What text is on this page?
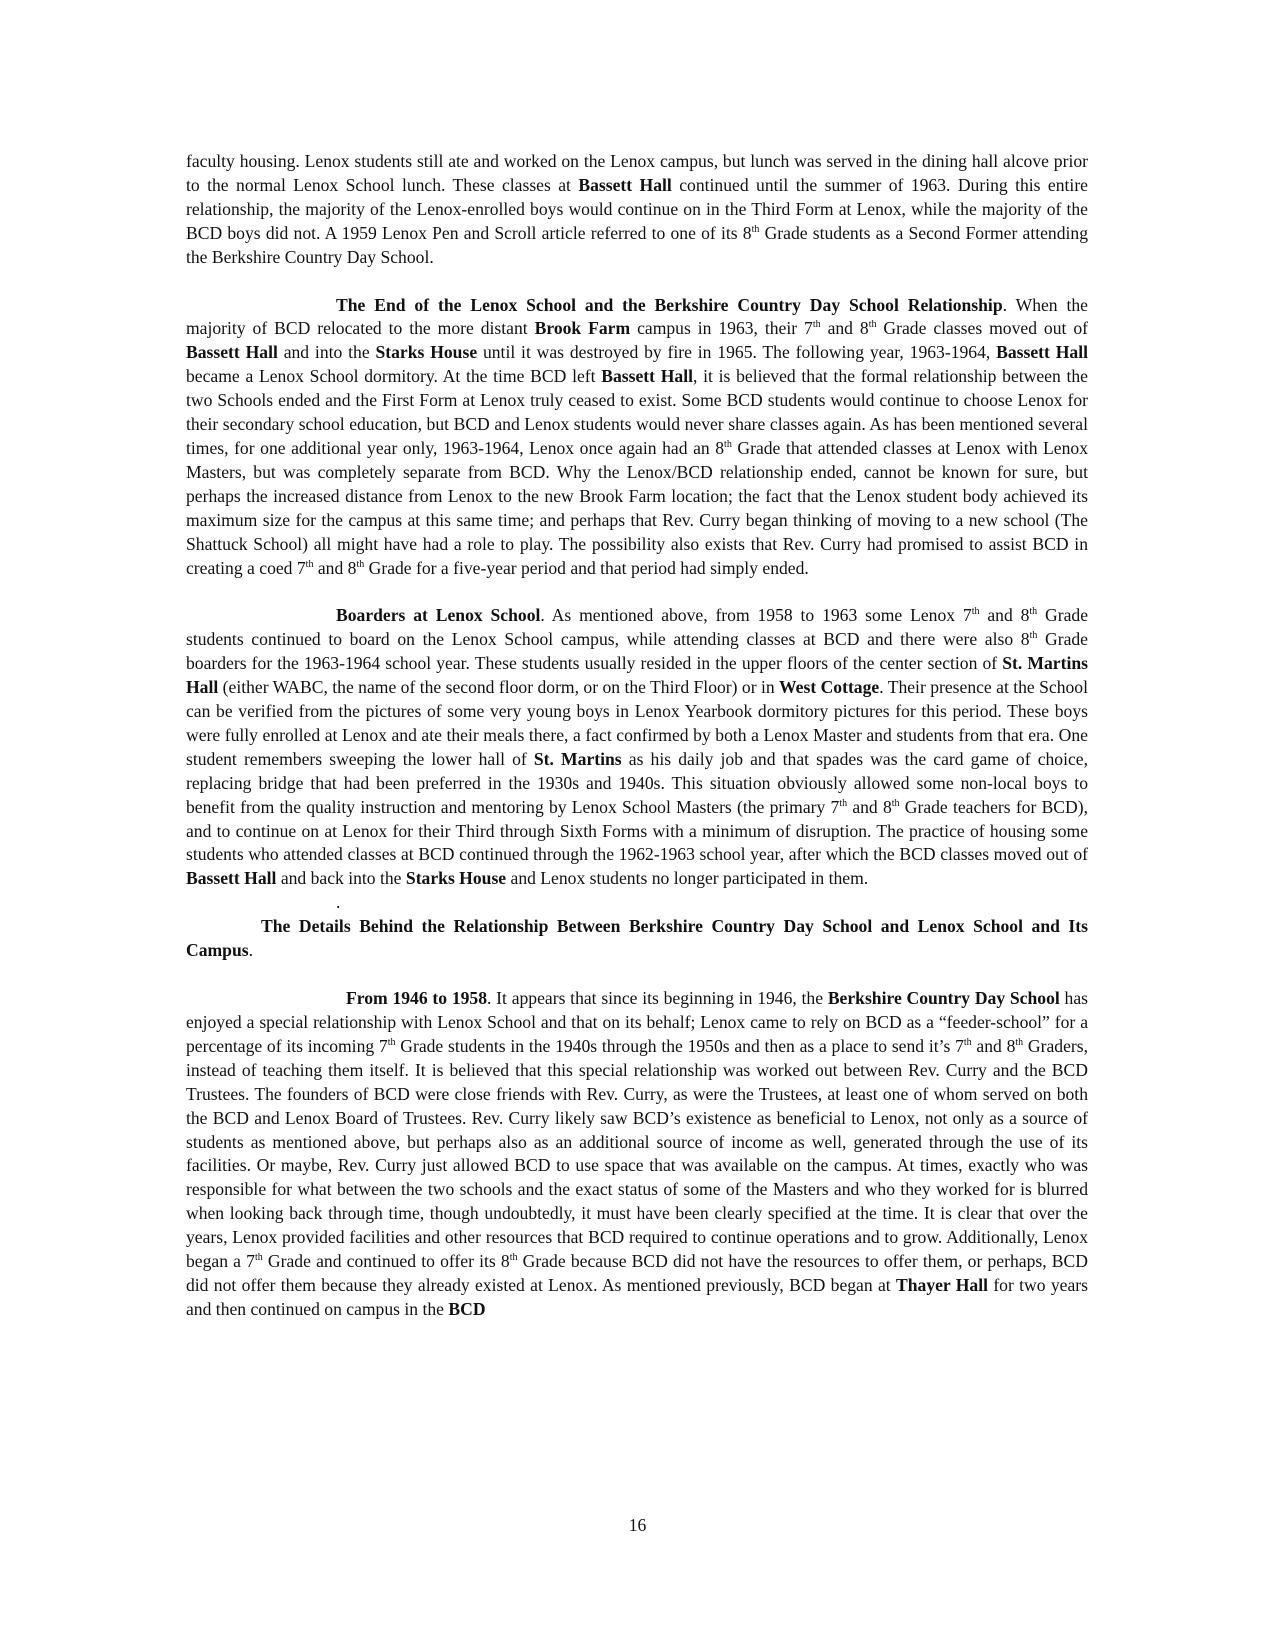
faculty housing. Lenox students still ate and worked on the Lenox campus, but lunch was served in the dining hall alcove prior to the normal Lenox School lunch. These classes at Bassett Hall continued until the summer of 1963. During this entire relationship, the majority of the Lenox-enrolled boys would continue on in the Third Form at Lenox, while the majority of the BCD boys did not. A 1959 Lenox Pen and Scroll article referred to one of its 8th Grade students as a Second Former attending the Berkshire Country Day School.

The End of the Lenox School and the Berkshire Country Day School Relationship. When the majority of BCD relocated to the more distant Brook Farm campus in 1963, their 7th and 8th Grade classes moved out of Bassett Hall and into the Starks House until it was destroyed by fire in 1965. The following year, 1963-1964, Bassett Hall became a Lenox School dormitory. At the time BCD left Bassett Hall, it is believed that the formal relationship between the two Schools ended and the First Form at Lenox truly ceased to exist. Some BCD students would continue to choose Lenox for their secondary school education, but BCD and Lenox students would never share classes again. As has been mentioned several times, for one additional year only, 1963-1964, Lenox once again had an 8th Grade that attended classes at Lenox with Lenox Masters, but was completely separate from BCD. Why the Lenox/BCD relationship ended, cannot be known for sure, but perhaps the increased distance from Lenox to the new Brook Farm location; the fact that the Lenox student body achieved its maximum size for the campus at this same time; and perhaps that Rev. Curry began thinking of moving to a new school (The Shattuck School) all might have had a role to play. The possibility also exists that Rev. Curry had promised to assist BCD in creating a coed 7th and 8th Grade for a five-year period and that period had simply ended.

Boarders at Lenox School. As mentioned above, from 1958 to 1963 some Lenox 7th and 8th Grade students continued to board on the Lenox School campus, while attending classes at BCD and there were also 8th Grade boarders for the 1963-1964 school year. These students usually resided in the upper floors of the center section of St. Martins Hall (either WABC, the name of the second floor dorm, or on the Third Floor) or in West Cottage. Their presence at the School can be verified from the pictures of some very young boys in Lenox Yearbook dormitory pictures for this period. These boys were fully enrolled at Lenox and ate their meals there, a fact confirmed by both a Lenox Master and students from that era. One student remembers sweeping the lower hall of St. Martins as his daily job and that spades was the card game of choice, replacing bridge that had been preferred in the 1930s and 1940s. This situation obviously allowed some non-local boys to benefit from the quality instruction and mentoring by Lenox School Masters (the primary 7th and 8th Grade teachers for BCD), and to continue on at Lenox for their Third through Sixth Forms with a minimum of disruption. The practice of housing some students who attended classes at BCD continued through the 1962-1963 school year, after which the BCD classes moved out of Bassett Hall and back into the Starks House and Lenox students no longer participated in them.

.

The Details Behind the Relationship Between Berkshire Country Day School and Lenox School and Its Campus.

From 1946 to 1958. It appears that since its beginning in 1946, the Berkshire Country Day School has enjoyed a special relationship with Lenox School and that on its behalf; Lenox came to rely on BCD as a “feeder-school” for a percentage of its incoming 7th Grade students in the 1940s through the 1950s and then as a place to send it’s 7th and 8th Graders, instead of teaching them itself. It is believed that this special relationship was worked out between Rev. Curry and the BCD Trustees. The founders of BCD were close friends with Rev. Curry, as were the Trustees, at least one of whom served on both the BCD and Lenox Board of Trustees. Rev. Curry likely saw BCD’s existence as beneficial to Lenox, not only as a source of students as mentioned above, but perhaps also as an additional source of income as well, generated through the use of its facilities. Or maybe, Rev. Curry just allowed BCD to use space that was available on the campus. At times, exactly who was responsible for what between the two schools and the exact status of some of the Masters and who they worked for is blurred when looking back through time, though undoubtedly, it must have been clearly specified at the time. It is clear that over the years, Lenox provided facilities and other resources that BCD required to continue operations and to grow. Additionally, Lenox began a 7th Grade and continued to offer its 8th Grade because BCD did not have the resources to offer them, or perhaps, BCD did not offer them because they already existed at Lenox. As mentioned previously, BCD began at Thayer Hall for two years and then continued on campus in the BCD

16
